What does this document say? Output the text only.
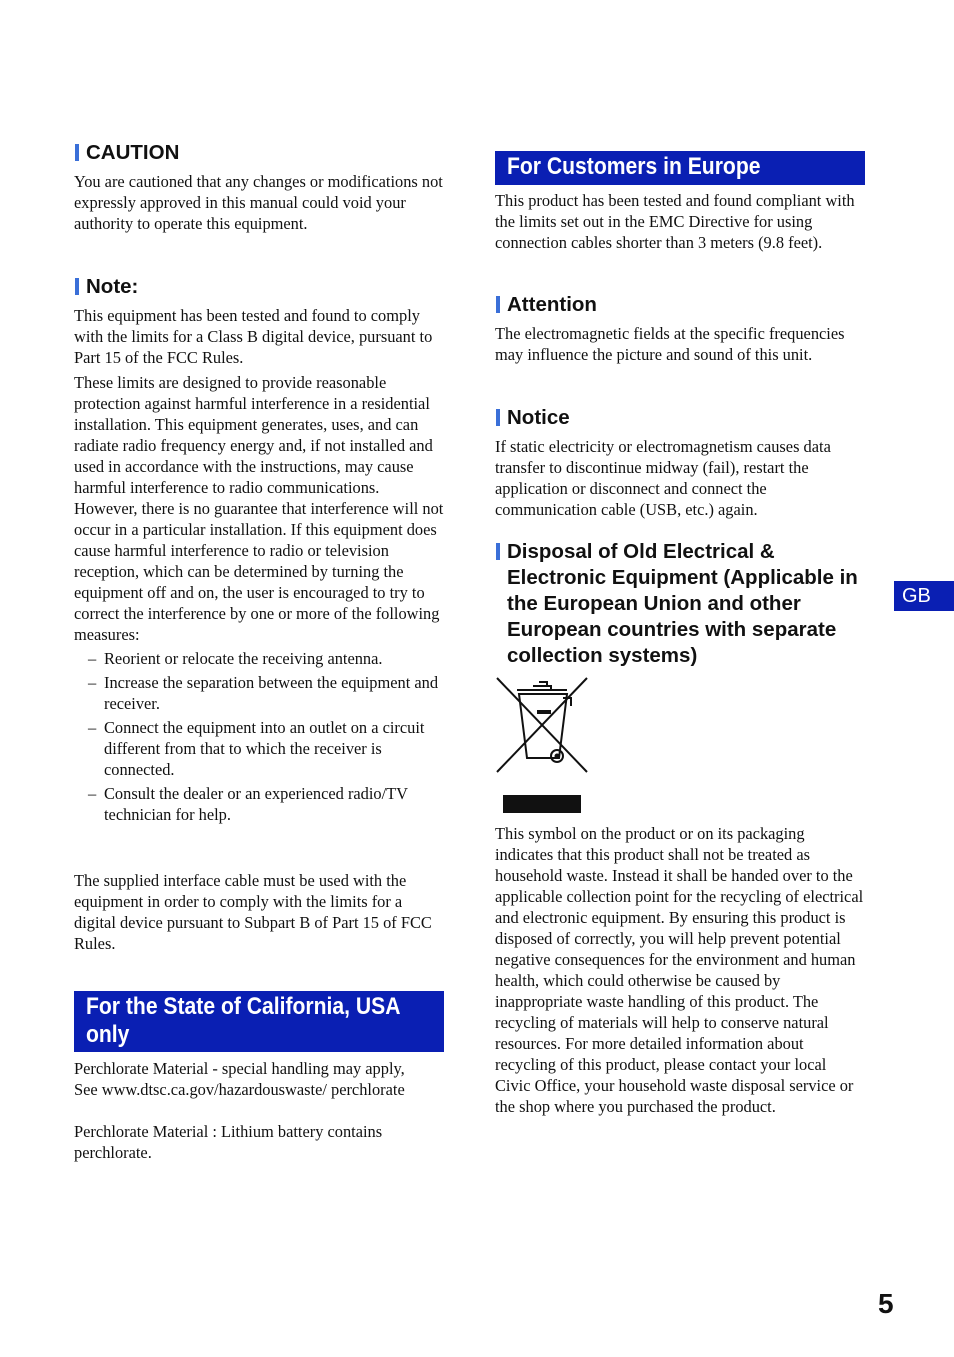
CAUTION

You are cautioned that any changes or modifications not expressly approved in this manual could void your authority to operate this equipment.

Note:

This equipment has been tested and found to comply with the limits for a Class B digital device, pursuant to Part 15 of the FCC Rules.

These limits are designed to provide reasonable protection against harmful interference in a residential installation. This equipment generates, uses, and can radiate radio frequency energy and, if not installed and used in accordance with the instructions, may cause harmful interference to radio communications. However, there is no guarantee that interference will not occur in a particular installation. If this equipment does cause harmful interference to radio or television reception, which can be determined by turning the equipment off and on, the user is encouraged to try to correct the interference by one or more of the following measures:

– Reorient or relocate the receiving antenna.
– Increase the separation between the equipment and receiver.
– Connect the equipment into an outlet on a circuit different from that to which the receiver is connected.
– Consult the dealer or an experienced radio/TV technician for help.

The supplied interface cable must be used with the equipment in order to comply with the limits for a digital device pursuant to Subpart B of Part 15 of FCC Rules.

For the State of California, USA
only

Perchlorate Material - special handling may apply, See www.dtsc.ca.gov/hazardouswaste/ perchlorate

Perchlorate Material : Lithium battery contains perchlorate.

For Customers in Europe

This product has been tested and found compliant with the limits set out in the EMC Directive for using connection cables shorter than 3 meters (9.8 feet).

Attention

The electromagnetic fields at the specific frequencies may influence the picture and sound of this unit.

Notice

If static electricity or electromagnetism causes data transfer to discontinue midway (fail), restart the application or disconnect and connect the communication cable (USB, etc.) again.

Disposal of Old Electrical & Electronic Equipment (Applicable in the European Union and other European countries with separate collection systems)

This symbol on the product or on its packaging indicates that this product shall not be treated as household waste. Instead it shall be handed over to the applicable collection point for the recycling of electrical and electronic equipment. By ensuring this product is disposed of correctly, you will help prevent potential negative consequences for the environment and human health, which could otherwise be caused by inappropriate waste handling of this product. The recycling of materials will help to conserve natural resources. For more detailed information about recycling of this product, please contact your local Civic Office, your household waste disposal service or the shop where you purchased the product.

GB
5
